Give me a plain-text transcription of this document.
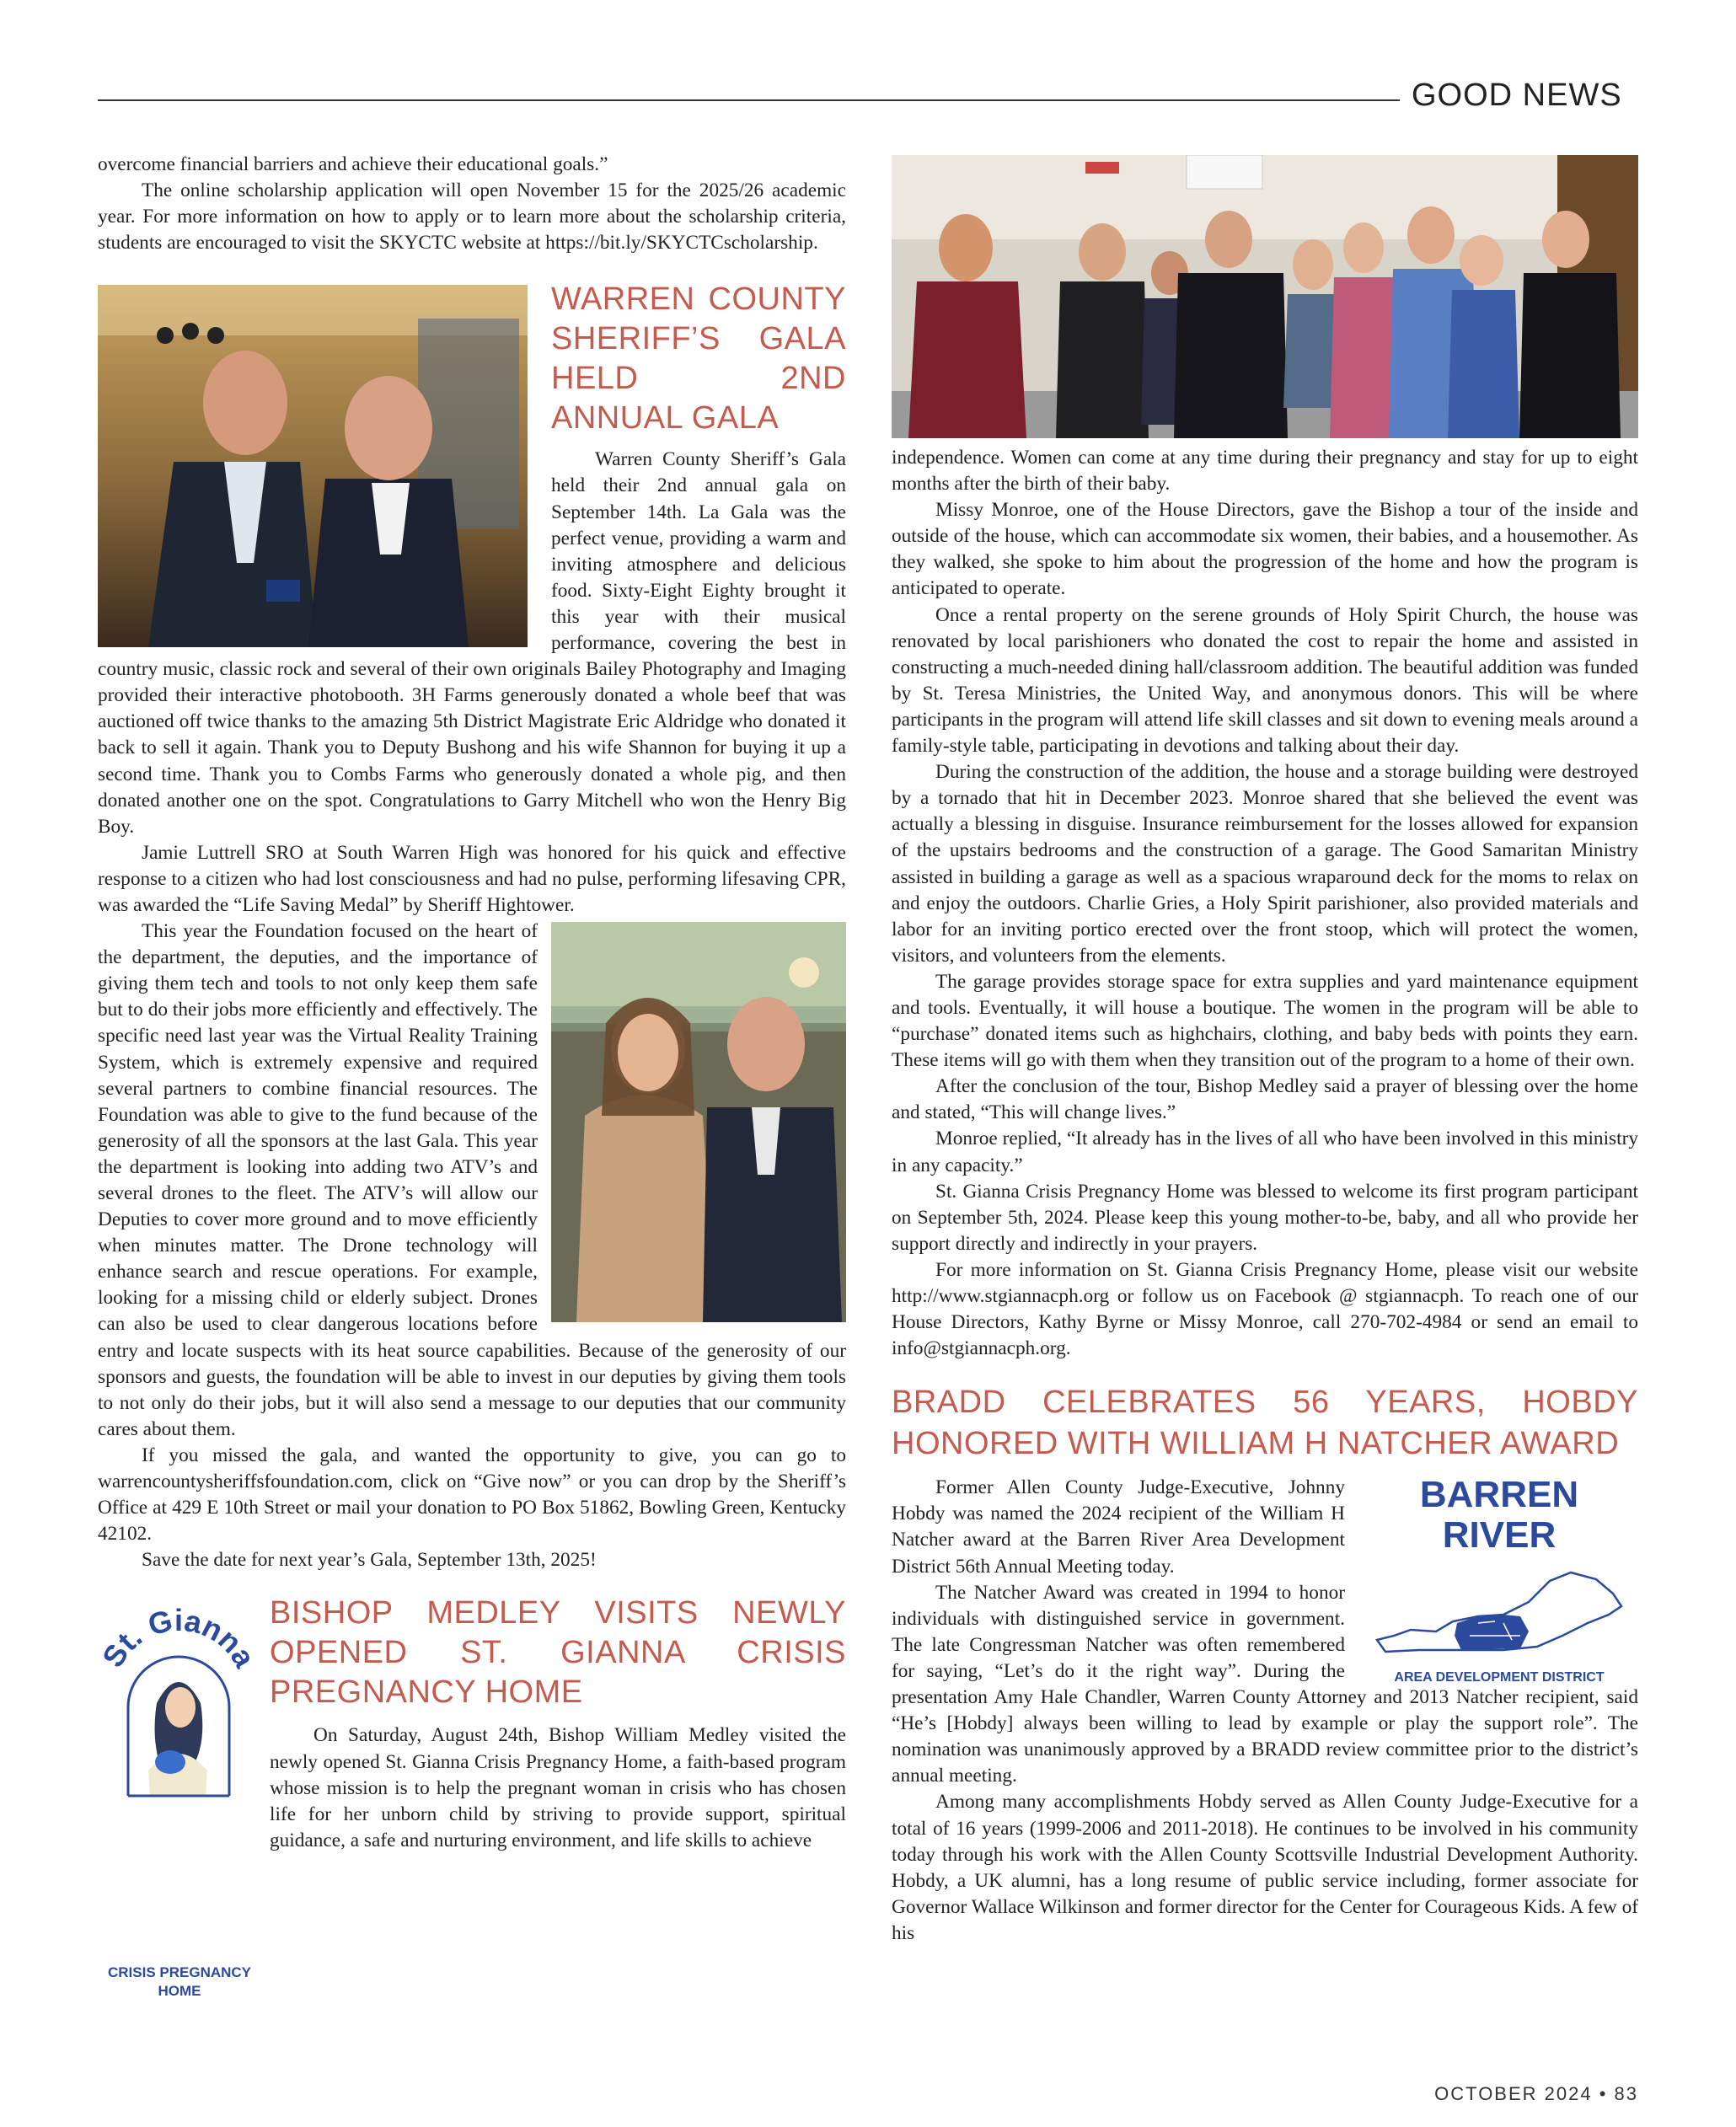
GOOD NEWS

overcome financial barriers and achieve their educational goals.”

The online scholarship application will open November 15 for the 2025/26 academic year. For more information on how to apply or to learn more about the scholarship criteria, students are encouraged to visit the SKYCTC website at https://bit.ly/SKYCTCscholarship.

WARREN COUNTY SHERIFF’S GALA HELD 2ND ANNUAL GALA

Warren County Sheriff’s Gala held their 2nd annual gala on September 14th. La Gala was the perfect venue, providing a warm and inviting atmosphere and delicious food. Sixty-Eight Eighty brought it this year with their musical performance, covering the best in country music, classic rock and several of their own originals Bailey Photography and Imaging provided their interactive photobooth. 3H Farms generously donated a whole beef that was auctioned off twice thanks to the amazing 5th District Magistrate Eric Aldridge who donated it back to sell it again. Thank you to Deputy Bushong and his wife Shannon for buying it up a second time. Thank you to Combs Farms who generously donated a whole pig, and then donated another one on the spot. Congratulations to Garry Mitchell who won the Henry Big Boy.

Jamie Luttrell SRO at South Warren High was honored for his quick and effective response to a citizen who had lost consciousness and had no pulse, performing lifesaving CPR, was awarded the “Life Saving Medal” by Sheriff Hightower.

This year the Foundation focused on the heart of the department, the deputies, and the importance of giving them tech and tools to not only keep them safe but to do their jobs more efficiently and effectively. The specific need last year was the Virtual Reality Training System, which is extremely expensive and required several partners to combine financial resources. The Foundation was able to give to the fund because of the generosity of all the sponsors at the last Gala. This year the department is looking into adding two ATV’s and several drones to the fleet. The ATV’s will allow our Deputies to cover more ground and to move efficiently when minutes matter. The Drone technology will enhance search and rescue operations. For example, looking for a missing child or elderly subject. Drones can also be used to clear dangerous locations before entry and locate suspects with its heat source capabilities. Because of the generosity of our sponsors and guests, the foundation will be able to invest in our deputies by giving them tools to not only do their jobs, but it will also send a message to our deputies that our community cares about them.

If you missed the gala, and wanted the opportunity to give, you can go to warrencountysheriffsfoundation.com, click on “Give now” or you can drop by the Sheriff’s Office at 429 E 10th Street or mail your donation to PO Box 51862, Bowling Green, Kentucky 42102.

Save the date for next year’s Gala, September 13th, 2025!

St. Gianna
BISHOP MEDLEY VISITS NEWLY OPENED ST. GIANNA CRISIS PREGNANCY HOME

On Saturday, August 24th, Bishop William Medley visited the newly opened St. Gianna Crisis Pregnancy Home, a faith-based program whose mission is to help the pregnant woman in crisis who has chosen life for her unborn child by striving to provide support, spiritual guidance, a safe and nurturing environment, and life skills to achieve

CRISIS PREGNANCY HOME

independence. Women can come at any time during their pregnancy and stay for up to eight months after the birth of their baby.

Missy Monroe, one of the House Directors, gave the Bishop a tour of the inside and outside of the house, which can accommodate six women, their babies, and a housemother. As they walked, she spoke to him about the progression of the home and how the program is anticipated to operate.

Once a rental property on the serene grounds of Holy Spirit Church, the house was renovated by local parishioners who donated the cost to repair the home and assisted in constructing a much-needed dining hall/classroom addition. The beautiful addition was funded by St. Teresa Ministries, the United Way, and anonymous donors. This will be where participants in the program will attend life skill classes and sit down to evening meals around a family-style table, participating in devotions and talking about their day.

During the construction of the addition, the house and a storage building were destroyed by a tornado that hit in December 2023. Monroe shared that she believed the event was actually a blessing in disguise. Insurance reimbursement for the losses allowed for expansion of the upstairs bedrooms and the construction of a garage. The Good Samaritan Ministry assisted in building a garage as well as a spacious wraparound deck for the moms to relax on and enjoy the outdoors. Charlie Gries, a Holy Spirit parishioner, also provided materials and labor for an inviting portico erected over the front stoop, which will protect the women, visitors, and volunteers from the elements.

The garage provides storage space for extra supplies and yard maintenance equipment and tools. Eventually, it will house a boutique. The women in the program will be able to “purchase” donated items such as highchairs, clothing, and baby beds with points they earn. These items will go with them when they transition out of the program to a home of their own.

After the conclusion of the tour, Bishop Medley said a prayer of blessing over the home and stated, “This will change lives.”

Monroe replied, “It already has in the lives of all who have been involved in this ministry in any capacity.”

St. Gianna Crisis Pregnancy Home was blessed to welcome its first program participant on September 5th, 2024. Please keep this young mother-to-be, baby, and all who provide her support directly and indirectly in your prayers.

For more information on St. Gianna Crisis Pregnancy Home, please visit our website http://www.stgiannacph.org or follow us on Facebook @ stgiannacph. To reach one of our House Directors, Kathy Byrne or Missy Monroe, call 270-702-4984 or send an email to info@stgiannacph.org.

BRADD CELEBRATES 56 YEARS, HOBDY HONORED WITH WILLIAM H NATCHER AWARD
BARREN RIVER
AREA DEVELOPMENT DISTRICT

Former Allen County Judge-Executive, Johnny Hobdy was named the 2024 recipient of the William H Natcher award at the Barren River Area Development District 56th Annual Meeting today.

The Natcher Award was created in 1994 to honor individuals with distinguished service in government. The late Congressman Natcher was often remembered for saying, “Let’s do it the right way”. During the presentation Amy Hale Chandler, Warren County Attorney and 2013 Natcher recipient, said “He’s [Hobdy] always been willing to lead by example or play the support role”. The nomination was unanimously approved by a BRADD review committee prior to the district’s annual meeting.

Among many accomplishments Hobdy served as Allen County Judge-Executive for a total of 16 years (1999-2006 and 2011-2018). He continues to be involved in his community today through his work with the Allen County Scottsville Industrial Development Authority. Hobdy, a UK alumni, has a long resume of public service including, former associate for Governor Wallace Wilkinson and former director for the Center for Courageous Kids. A few of his

OCTOBER 2024 • 83
